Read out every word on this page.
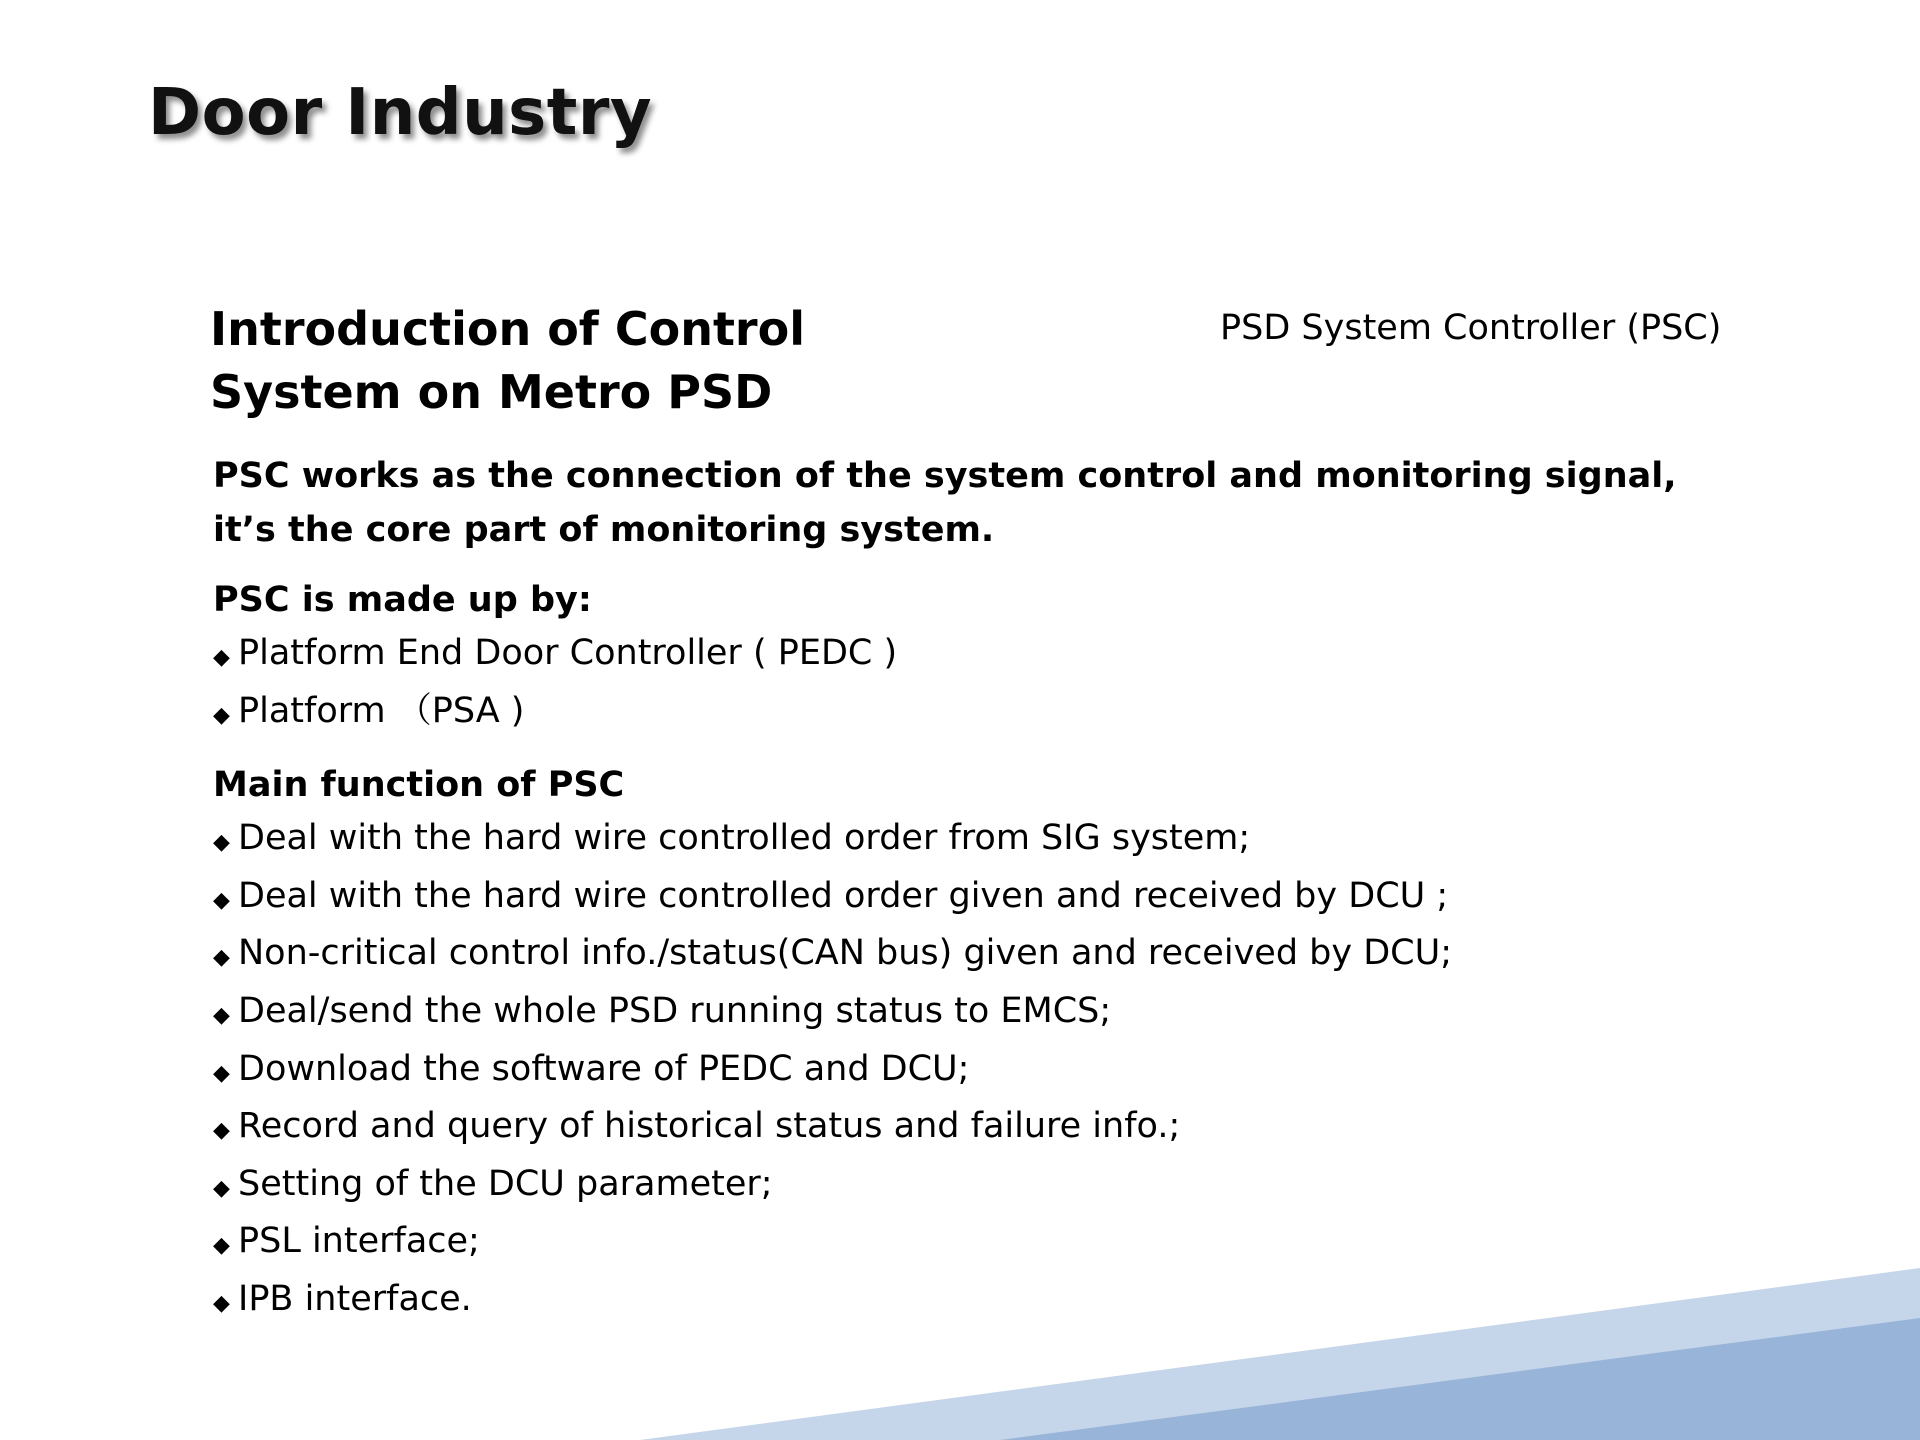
Door Industry
Introduction of Control System on Metro PSD

PSD System Controller (PSC)

PSC works as the connection of the system control and monitoring signal, it’s the core part of monitoring system.

PSC is made up by:

◆ Platform End Door Controller ( PEDC )
◆ Platform （PSA )

Main function of PSC

◆ Deal with the hard wire controlled order from SIG system;
◆ Deal with the hard wire controlled order given and received by DCU ;
◆ Non-critical control info./status(CAN bus) given and received by DCU;
◆ Deal/send the whole PSD running status to EMCS;
◆ Download the software of PEDC and DCU;
◆ Record and query of historical status and failure info.;
◆ Setting of the DCU parameter;
◆ PSL interface;
◆ IPB interface.
